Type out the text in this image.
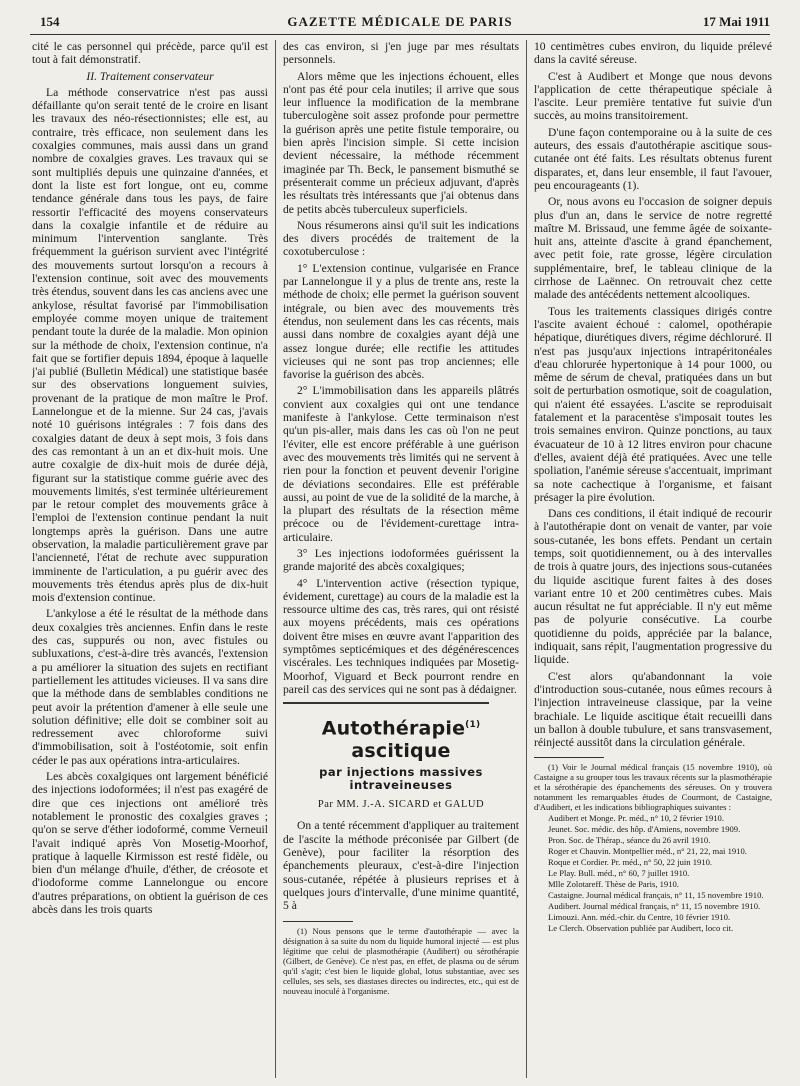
154	GAZETTE MÉDICALE DE PARIS	17 Mai 1911

cité le cas personnel qui précède, parce qu'il est tout à fait démonstratif.

II. Traitement conservateur

La méthode conservatrice n'est pas aussi défaillante qu'on serait tenté de le croire en lisant les travaux des néo-résectionnistes; elle est, au contraire, très efficace, non seulement dans les coxalgies communes, mais aussi dans un grand nombre de coxalgies graves. Les travaux qui se sont multipliés depuis une quinzaine d'années, et dont la liste est fort longue, ont eu, comme tendance générale dans tous les pays, de faire ressortir l'efficacité des moyens conservateurs dans la coxalgie infantile et de réduire au minimum l'intervention sanglante. Très fréquemment la guérison survient avec l'intégrité des mouvements surtout lorsqu'on a recours à l'extension continue, soit avec des mouvements très étendus, souvent dans les cas anciens avec une ankylose, résultat favorisé par l'immobilisation employée comme moyen unique de traitement pendant toute la durée de la maladie. Mon opinion sur la méthode de choix, l'extension continue, n'a fait que se fortifier depuis 1894, époque à laquelle j'ai publié (Bulletin Médical) une statistique basée sur des observations longuement suivies, provenant de la pratique de mon maître le Prof. Lannelongue et de la mienne. Sur 24 cas, j'avais noté 10 guérisons intégrales : 7 fois dans des coxalgies datant de deux à sept mois, 3 fois dans des cas remontant à un an et dix-huit mois. Une autre coxalgie de dix-huit mois de durée déjà, figurant sur la statistique comme guérie avec des mouvements limités, s'est terminée ultérieurement par le retour complet des mouvements grâce à l'emploi de l'extension continue pendant la nuit longtemps après la guérison. Dans une autre observation, la maladie particulièrement grave par l'ancienneté, l'état de rechute avec suppuration imminente de l'articulation, a pu guérir avec des mouvements très étendus après plus de dix-huit mois d'extension continue.

L'ankylose a été le résultat de la méthode dans deux coxalgies très anciennes. Enfin dans le reste des cas, suppurés ou non, avec fistules ou subluxations, c'est-à-dire très avancés, l'extension a pu améliorer la situation des sujets en rectifiant partiellement les attitudes vicieuses. Il va sans dire que la méthode dans de semblables conditions ne peut avoir la prétention d'amener à elle seule une solution définitive; elle doit se combiner soit au redressement avec chloroforme suivi d'immobilisation, soit à l'ostéotomie, soit enfin céder le pas aux opérations intra-articulaires.

Les abcès coxalgiques ont largement bénéficié des injections iodoformées; il n'est pas exagéré de dire que ces injections ont amélioré très notablement le pronostic des coxalgies graves ; qu'on se serve d'éther iodoformé, comme Verneuil l'avait indiqué après Von Mosetig-Moorhof, pratique à laquelle Kirmisson est resté fidèle, ou bien d'un mélange d'huile, d'éther, de créosote et d'iodoforme comme Lannelongue ou encore d'autres préparations, on obtient la guérison de ces abcès dans les trois quarts

des cas environ, si j'en juge par mes résultats personnels.

Alors même que les injections échouent, elles n'ont pas été pour cela inutiles; il arrive que sous leur influence la modification de la membrane tuberculogène soit assez profonde pour permettre la guérison après une petite fistule temporaire, ou bien après l'incision simple. Si cette incision devient nécessaire, la méthode récemment imaginée par Th. Beck, le pansement bismuthé se présenterait comme un précieux adjuvant, d'après les résultats très intéressants que j'ai obtenus dans de petits abcès tuberculeux superficiels.

Nous résumerons ainsi qu'il suit les indications des divers procédés de traitement de la coxotuberculose :

1° L'extension continue, vulgarisée en France par Lannelongue il y a plus de trente ans, reste la méthode de choix; elle permet la guérison souvent intégrale, ou bien avec des mouvements très étendus, non seulement dans les cas récents, mais aussi dans nombre de coxalgies ayant déjà une assez longue durée; elle rectifie les attitudes vicieuses qui ne sont pas trop anciennes; elle favorise la guérison des abcès.

2° L'immobilisation dans les appareils plâtrés convient aux coxalgies qui ont une tendance manifeste à l'ankylose. Cette terminaison n'est qu'un pis-aller, mais dans les cas où l'on ne peut l'éviter, elle est encore préférable à une guérison avec des mouvements très limités qui ne servent à rien pour la fonction et peuvent devenir l'origine de déviations secondaires. Elle est préférable aussi, au point de vue de la solidité de la marche, à la plupart des résultats de la résection même précoce ou de l'évidement-curettage intra-articulaire.

3° Les injections iodoformées guérissent la grande majorité des abcès coxalgiques;

4° L'intervention active (résection typique, évidement, curettage) au cours de la maladie est la ressource ultime des cas, très rares, qui ont résisté aux moyens précédents, mais ces opérations doivent être mises en œuvre avant l'apparition des symptômes septicémiques et des dégénérescences viscérales. Les techniques indiquées par Mosetig-Moorhof, Viguard et Beck pourront rendre en pareil cas des services qui ne sont pas à dédaigner.

Autothérapie$^{(1)}$ ascitique
par injections massives intraveineuses
Par MM. J.-A. SICARD et GALUD

On a tenté récemment d'appliquer au traitement de l'ascite la méthode préconisée par Gilbert (de Genève), pour faciliter la résorption des épanchements pleuraux, c'est-à-dire l'injection sous-cutanée, répétée à plusieurs reprises et à quelques jours d'intervalle, d'une minime quantité, 5 à

(1) Nous pensons que le terme d'autothérapie — avec la désignation à sa suite du nom du liquide humoral injecté — est plus légitime que celui de plasmothérapie (Audibert) ou sérothérapie (Gilbert, de Genève). Ce n'est pas, en effet, de plasma ou de sérum qu'il s'agit; c'est bien le liquide global, lotus substantiae, avec ses cellules, ses sels, ses diastases directes ou indirectes, etc., qui est de nouveau inoculé à l'organisme.

10 centimètres cubes environ, du liquide prélevé dans la cavité séreuse.

C'est à Audibert et Monge que nous devons l'application de cette thérapeutique spéciale à l'ascite. Leur première tentative fut suivie d'un succès, au moins transitoirement.

D'une façon contemporaine ou à la suite de ces auteurs, des essais d'autothérapie ascitique sous-cutanée ont été faits. Les résultats obtenus furent disparates, et, dans leur ensemble, il faut l'avouer, peu encourageants (1).

Or, nous avons eu l'occasion de soigner depuis plus d'un an, dans le service de notre regretté maître M. Brissaud, une femme âgée de soixante-huit ans, atteinte d'ascite à grand épanchement, avec petit foie, rate grosse, légère circulation supplémentaire, bref, le tableau clinique de la cirrhose de Laënnec. On retrouvait chez cette malade des antécédents nettement alcooliques.

Tous les traitements classiques dirigés contre l'ascite avaient échoué : calomel, opothérapie hépatique, diurétiques divers, régime déchloruré. Il n'est pas jusqu'aux injections intrapéritonéales d'eau chlorurée hypertonique à 14 pour 1000, ou même de sérum de cheval, pratiquées dans un but soit de perturbation osmotique, soit de coagulation, qui n'aient été essayées. L'ascite se reproduisait fatalement et la paracentèse s'imposait toutes les trois semaines environ. Quinze ponctions, au taux évacuateur de 10 à 12 litres environ pour chacune d'elles, avaient déjà été pratiquées. Avec une telle spoliation, l'anémie séreuse s'accentuait, imprimant sa note cachectique à l'organisme, et faisant présager la pire évolution.

Dans ces conditions, il était indiqué de recourir à l'autothérapie dont on venait de vanter, par voie sous-cutanée, les bons effets. Pendant un certain temps, soit quotidiennement, ou à des intervalles de trois à quatre jours, des injections sous-cutanées du liquide ascitique furent faites à des doses variant entre 10 et 200 centimètres cubes. Mais aucun résultat ne fut appréciable. Il n'y eut même pas de polyurie consécutive. La courbe quotidienne du poids, appréciée par la balance, indiquait, sans répit, l'augmentation progressive du liquide.

C'est alors qu'abandonnant la voie d'introduction sous-cutanée, nous eûmes recours à l'injection intraveineuse classique, par la veine brachiale. Le liquide ascitique était recueilli dans un ballon à double tubulure, et sans transvasement, réinjecté aussitôt dans la circulation générale.

(1) Voir le Journal médical français (15 novembre 1910), où Castaigne a su grouper tous les travaux récents sur la plasmothérapie et la sérothérapie des épanchements des séreuses. On y trouvera notamment les remarquables études de Courmont, de Castaigne, d'Audibert, et les indications bibliographiques suivantes :

Audibert et Monge. Pr. méd., n° 10, 2 février 1910.

Jeunet. Soc. médic. des hôp. d'Amiens, novembre 1909.

Pron. Soc. de Thérap., séance du 26 avril 1910.

Roger et Chauvin. Montpellier méd., n° 21, 22, mai 1910.

Roque et Cordier. Pr. méd., n° 50, 22 juin 1910.

Le Play. Bull. méd., n° 60, 7 juillet 1910.

Mlle Zolotareff. Thèse de Paris, 1910.

Castaigne. Journal médical français, n° 11, 15 novembre 1910.

Audibert. Journal médical français, n° 11, 15 novembre 1910.

Limouzi. Ann. méd.-chir. du Centre, 10 février 1910.

Le Clerch. Observation publiée par Audibert, loco cit.
